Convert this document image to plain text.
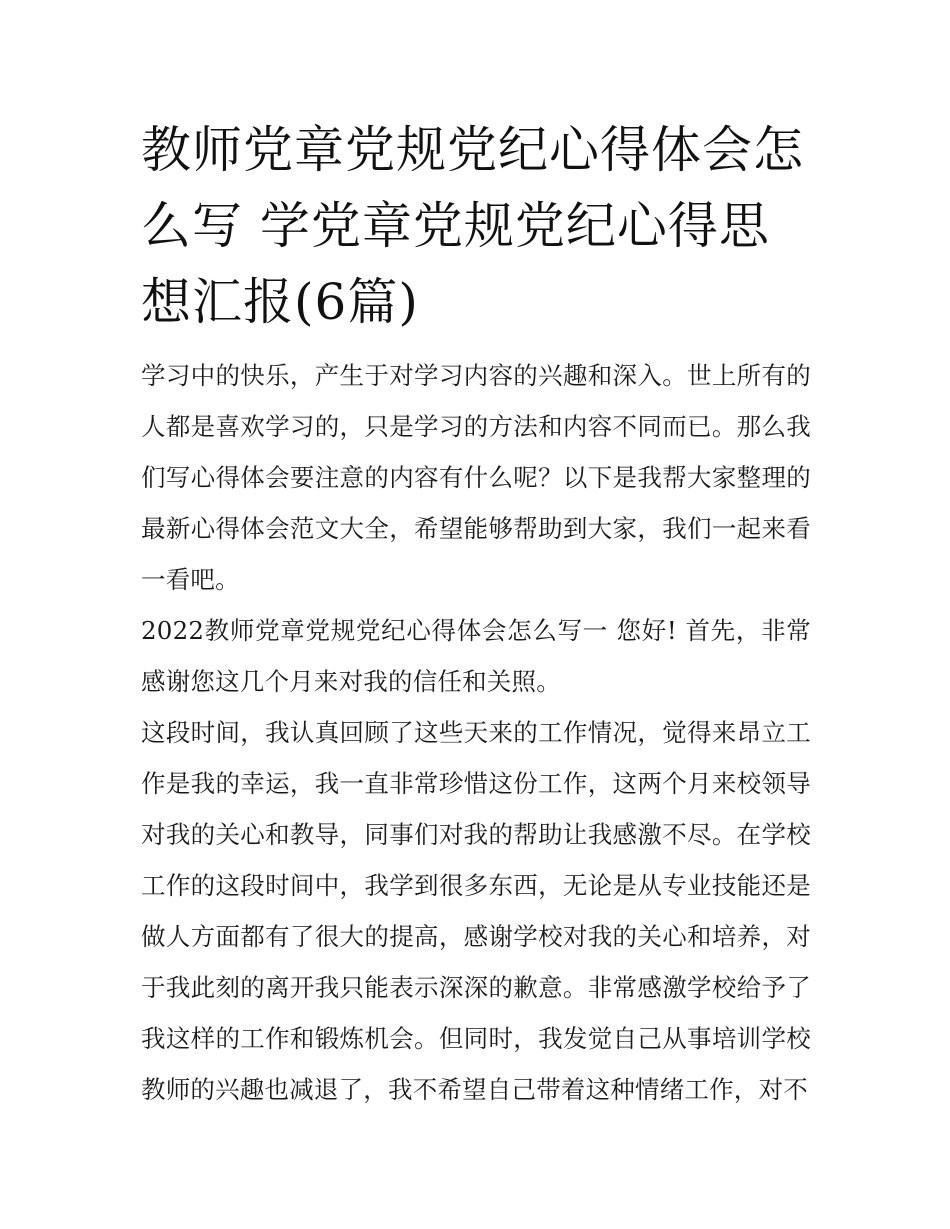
教师党章党规党纪心得体会怎么写 学党章党规党纪心得思想汇报(6篇)

学习中的快乐，产生于对学习内容的兴趣和深入。世上所有的人都是喜欢学习的，只是学习的方法和内容不同而已。那么我们写心得体会要注意的内容有什么呢？以下是我帮大家整理的最新心得体会范文大全，希望能够帮助到大家，我们一起来看一看吧。

2022教师党章党规党纪心得体会怎么写一 您好! 首先，非常感谢您这几个月来对我的信任和关照。

这段时间，我认真回顾了这些天来的工作情况，觉得来昂立工作是我的幸运，我一直非常珍惜这份工作，这两个月来校领导对我的关心和教导，同事们对我的帮助让我感激不尽。在学校工作的这段时间中，我学到很多东西，无论是从专业技能还是做人方面都有了很大的提高，感谢学校对我的关心和培养，对于我此刻的离开我只能表示深深的歉意。非常感激学校给予了我这样的工作和锻炼机会。但同时，我发觉自己从事培训学校教师的兴趣也减退了，我不希望自己带着这种情绪工作，对不
